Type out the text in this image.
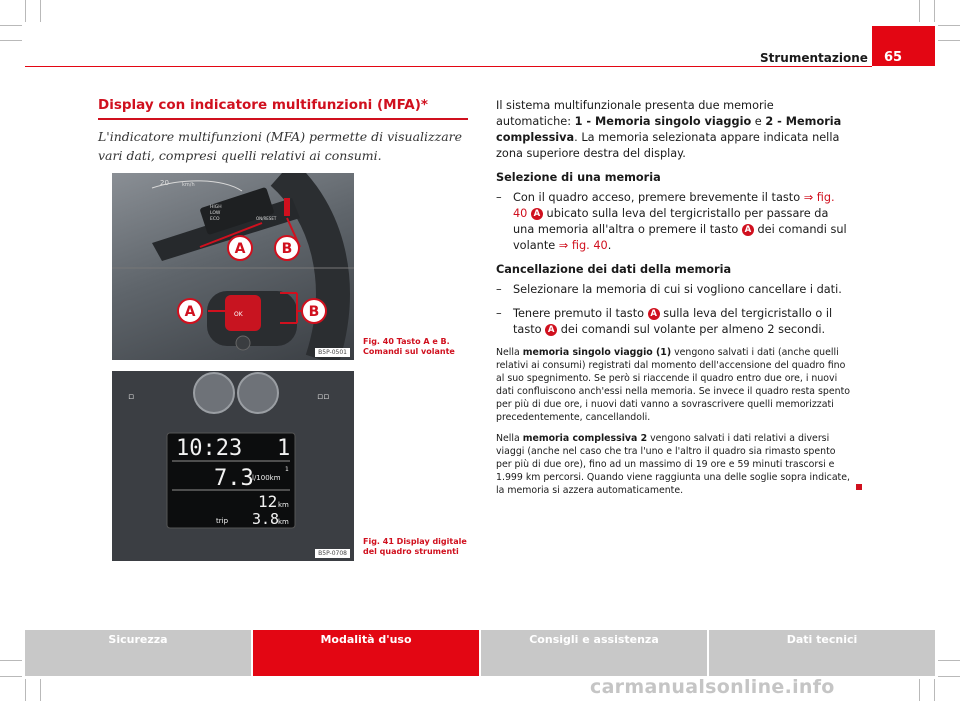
Strumentazione	65
Display con indicatore multifunzioni (MFA)*
L'indicatore multifunzioni (MFA) permette di visualizzare vari dati, compresi quelli relativi ai consumi.
20	km/h
HIGH
LOW
ECO	ON/RESET
OK
A	B
A	B
B5P-0501
Fig. 40 Tasto A e B. Comandi sul volante
▫	▫▫
10:23 1
7.3
l/100km
1
12 km
trip 3.8
km
B5P-0708
Fig. 41 Display digitale del quadro strumenti

Il sistema multifunzionale presenta due memorie automatiche: 1 - Memoria singolo viaggio e 2 - Memoria complessiva. La memoria selezionata appare indicata nella zona superiore destra del display.

Selezione di una memoria
– Con il quadro acceso, premere brevemente il tasto ⇒ fig. 40 A ubicato sulla leva del tergicristallo per passare da una memoria all'altra o premere il tasto A dei comandi sul volante ⇒ fig. 40.
Cancellazione dei dati della memoria
– Selezionare la memoria di cui si vogliono cancellare i dati.
– Tenere premuto il tasto A sulla leva del tergicristallo o il tasto A dei comandi sul volante per almeno 2 secondi.

Nella memoria singolo viaggio (1) vengono salvati i dati (anche quelli relativi ai consumi) registrati dal momento dell'accensione del quadro fino al suo spegnimento. Se però si riaccende il quadro entro due ore, i nuovi dati confluiscono anch'essi nella memoria. Se invece il quadro resta spento per più di due ore, i nuovi dati vanno a sovrascrivere quelli memorizzati precedentemente, cancellandoli.

Nella memoria complessiva 2 vengono salvati i dati relativi a diversi viaggi (anche nel caso che tra l'uno e l'altro il quadro sia rimasto spento per più di due ore), fino ad un massimo di 19 ore e 59 minuti trascorsi e 1.999 km percorsi. Quando viene raggiunta una delle soglie sopra indicate, la memoria si azzera automaticamente.

Sicurezza	Modalità d'uso	Consigli e assistenza	Dati tecnici
carmanualsonline.info
